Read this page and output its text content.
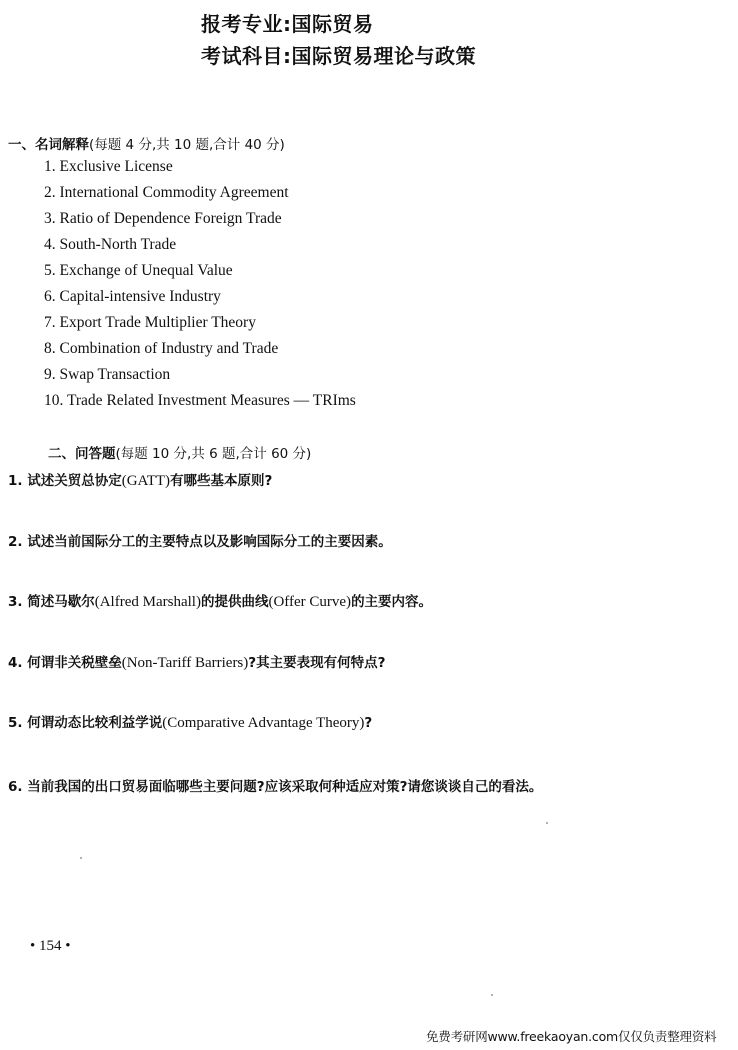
报考专业:国际贸易
考试科目:国际贸易理论与政策
一、名词解释(每题 4 分,共 10 题,合计 40 分)
1. Exclusive License
2. International Commodity Agreement
3. Ratio of Dependence Foreign Trade
4. South-North Trade
5. Exchange of Unequal Value
6. Capital-intensive Industry
7. Export Trade Multiplier Theory
8. Combination of Industry and Trade
9. Swap Transaction
10. Trade Related Investment Measures — TRIms
二、问答题(每题 10 分,共 6 题,合计 60 分)
1. 试述关贸总协定(GATT)有哪些基本原则?
2. 试述当前国际分工的主要特点以及影响国际分工的主要因素。
3. 简述马歇尔(Alfred Marshall)的提供曲线(Offer Curve)的主要内容。
4. 何谓非关税壁垒(Non-Tariff Barriers)?其主要表现有何特点?
5. 何谓动态比较利益学说(Comparative Advantage Theory)?
6. 当前我国的出口贸易面临哪些主要问题?应该采取何种适应对策?请您谈谈自己的看法。
• 154 •
免费考研网www.freekaoyan.com仅仅负责整理资料
